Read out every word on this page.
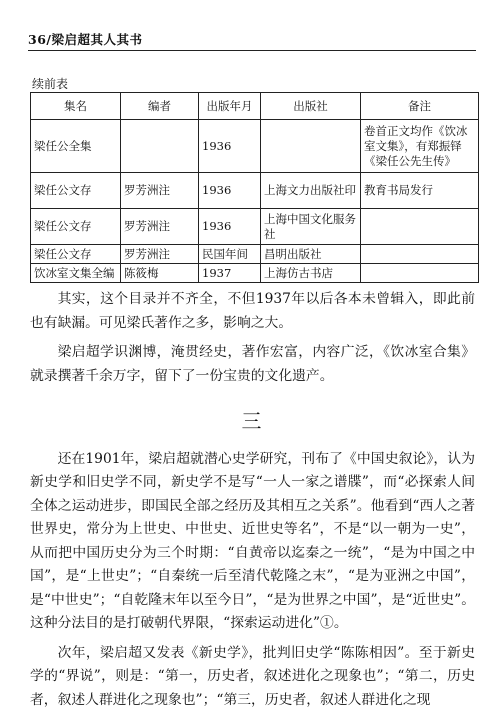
36/梁启超其人其书
续前表
集名	编者	出版年月	出版社	备注
梁任公全集		1936		卷首正文均作《饮冰室文集》，有郑振铎《梁任公先生传》
梁任公文存	罗芳洲注	1936	上海文力出版社印	教育书局发行
梁任公文存	罗芳洲注	1936	上海中国文化服务社	
梁任公文存	罗芳洲注	民国年间	昌明出版社	
饮冰室文集全编	陈筱梅	1937	上海仿古书店	

其实，这个目录并不齐全，不但1937年以后各本未曾辑入，即此前也有缺漏。可见梁氏著作之多，影响之大。

梁启超学识渊博，淹贯经史，著作宏富，内容广泛，《饮冰室合集》就录撰著千余万字，留下了一份宝贵的文化遗产。

三

还在1901年，梁启超就潜心史学研究，刊布了《中国史叙论》，认为新史学和旧史学不同，新史学不是写“一人一家之谱牒”，而“必探索人间全体之运动进步，即国民全部之经历及其相互之关系”。他看到“西人之著世界史，常分为上世史、中世史、近世史等名”，不是“以一朝为一史”，从而把中国历史分为三个时期：“自黄帝以迄秦之一统”，“是为中国之中国”，是“上世史”；“自秦统一后至清代乾隆之末”，“是为亚洲之中国”，是“中世史”；“自乾隆末年以至今日”，“是为世界之中国”，是“近世史”。这种分法目的是打破朝代界限，“探索运动进化”①。

次年，梁启超又发表《新史学》，批判旧史学“陈陈相因”。至于新史学的“界说”，则是：“第一，历史者，叙述进化之现象也”；“第二，历史者，叙述人群进化之现象也”；“第三，历史者，叙述人群进化之现
